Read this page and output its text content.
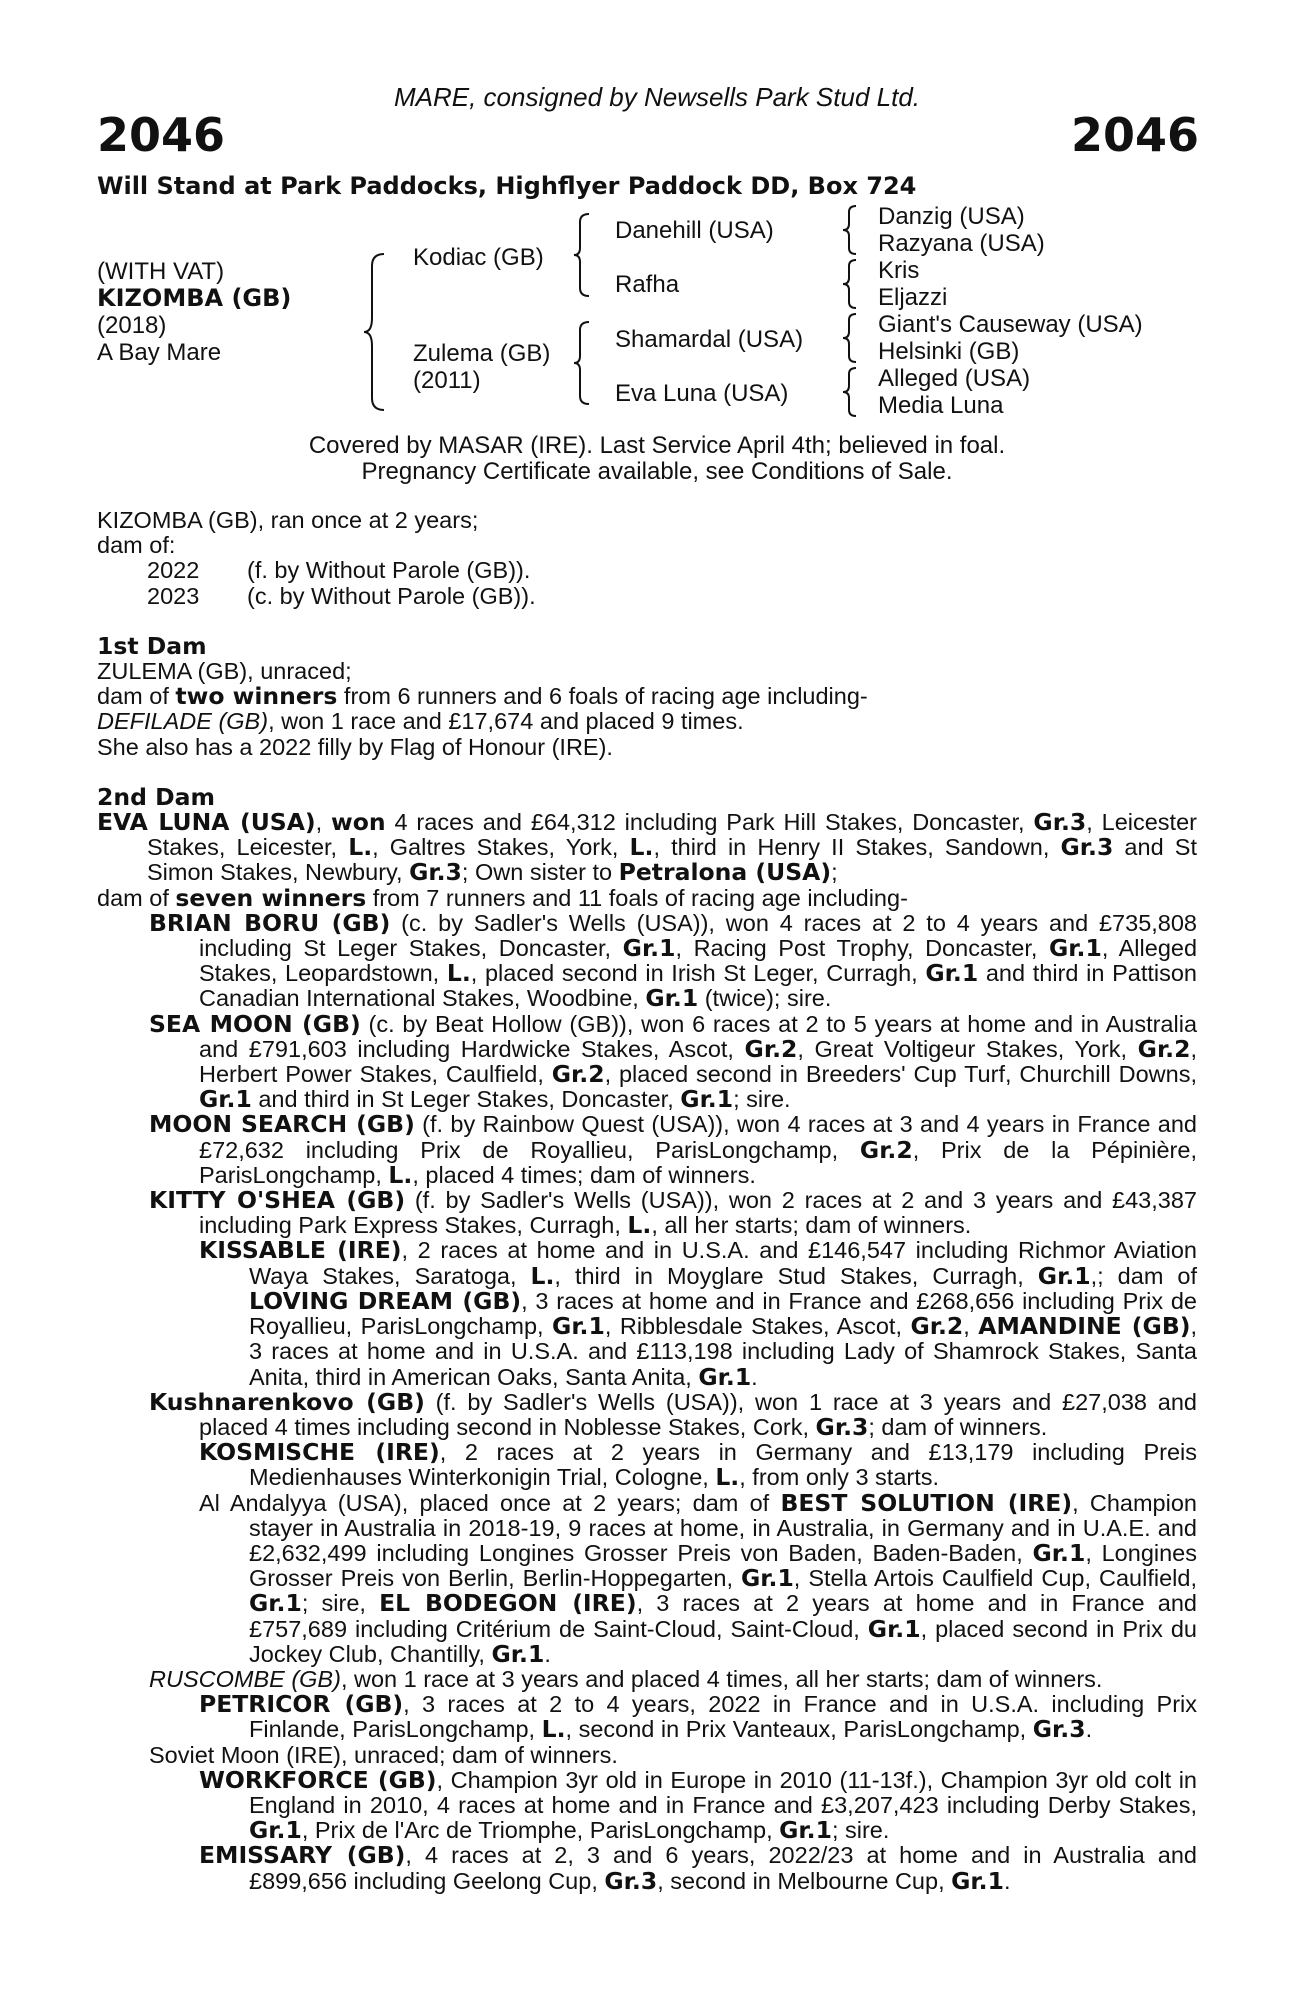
MARE, consigned by Newsells Park Stud Ltd.
2046	2046
Will Stand at Park Paddocks, Highflyer Paddock DD, Box 724
(WITH VAT)
KIZOMBA (GB)
(2018)
A Bay Mare
Kodiac (GB)
Zulema (GB)
(2011)
Danehill (USA)
Rafha
Shamardal (USA)
Eva Luna (USA)
Danzig (USA)
Razyana (USA)
Kris
Eljazzi
Giant's Causeway (USA)
Helsinki (GB)
Alleged (USA)
Media Luna
Covered by MASAR (IRE). Last Service April 4th; believed in foal.
Pregnancy Certificate available, see Conditions of Sale.

KIZOMBA (GB), ran once at 2 years;

dam of:

2022 (f. by Without Parole (GB)).

2023 (c. by Without Parole (GB)).

1st Dam

ZULEMA (GB), unraced;

dam of two winners from 6 runners and 6 foals of racing age including-

DEFILADE (GB), won 1 race and £17,674 and placed 9 times.

She also has a 2022 filly by Flag of Honour (IRE).

2nd Dam

EVA LUNA (USA), won 4 races and £64,312 including Park Hill Stakes, Doncaster, Gr.3, Leicester Stakes, Leicester, L., Galtres Stakes, York, L., third in Henry II Stakes, Sandown, Gr.3 and St Simon Stakes, Newbury, Gr.3; Own sister to Petralona (USA);

dam of seven winners from 7 runners and 11 foals of racing age including-

BRIAN BORU (GB) (c. by Sadler's Wells (USA)), won 4 races at 2 to 4 years and £735,808 including St Leger Stakes, Doncaster, Gr.1, Racing Post Trophy, Doncaster, Gr.1, Alleged Stakes, Leopardstown, L., placed second in Irish St Leger, Curragh, Gr.1 and third in Pattison Canadian International Stakes, Woodbine, Gr.1 (twice); sire.

SEA MOON (GB) (c. by Beat Hollow (GB)), won 6 races at 2 to 5 years at home and in Australia and £791,603 including Hardwicke Stakes, Ascot, Gr.2, Great Voltigeur Stakes, York, Gr.2, Herbert Power Stakes, Caulfield, Gr.2, placed second in Breeders' Cup Turf, Churchill Downs, Gr.1 and third in St Leger Stakes, Doncaster, Gr.1; sire.

MOON SEARCH (GB) (f. by Rainbow Quest (USA)), won 4 races at 3 and 4 years in France and £72,632 including Prix de Royallieu, ParisLongchamp, Gr.2, Prix de la Pépinière, ParisLongchamp, L., placed 4 times; dam of winners.

KITTY O'SHEA (GB) (f. by Sadler's Wells (USA)), won 2 races at 2 and 3 years and £43,387 including Park Express Stakes, Curragh, L., all her starts; dam of winners.

KISSABLE (IRE), 2 races at home and in U.S.A. and £146,547 including Richmor Aviation Waya Stakes, Saratoga, L., third in Moyglare Stud Stakes, Curragh, Gr.1,; dam of LOVING DREAM (GB), 3 races at home and in France and £268,656 including Prix de Royallieu, ParisLongchamp, Gr.1, Ribblesdale Stakes, Ascot, Gr.2, AMANDINE (GB), 3 races at home and in U.S.A. and £113,198 including Lady of Shamrock Stakes, Santa Anita, third in American Oaks, Santa Anita, Gr.1.

Kushnarenkovo (GB) (f. by Sadler's Wells (USA)), won 1 race at 3 years and £27,038 and placed 4 times including second in Noblesse Stakes, Cork, Gr.3; dam of winners.

KOSMISCHE (IRE), 2 races at 2 years in Germany and £13,179 including Preis Medienhauses Winterkonigin Trial, Cologne, L., from only 3 starts.

Al Andalyya (USA), placed once at 2 years; dam of BEST SOLUTION (IRE), Champion stayer in Australia in 2018-19, 9 races at home, in Australia, in Germany and in U.A.E. and £2,632,499 including Longines Grosser Preis von Baden, Baden-Baden, Gr.1, Longines Grosser Preis von Berlin, Berlin-Hoppegarten, Gr.1, Stella Artois Caulfield Cup, Caulfield, Gr.1; sire, EL BODEGON (IRE), 3 races at 2 years at home and in France and £757,689 including Critérium de Saint-Cloud, Saint-Cloud, Gr.1, placed second in Prix du Jockey Club, Chantilly, Gr.1.

RUSCOMBE (GB), won 1 race at 3 years and placed 4 times, all her starts; dam of winners.

PETRICOR (GB), 3 races at 2 to 4 years, 2022 in France and in U.S.A. including Prix Finlande, ParisLongchamp, L., second in Prix Vanteaux, ParisLongchamp, Gr.3.

Soviet Moon (IRE), unraced; dam of winners.

WORKFORCE (GB), Champion 3yr old in Europe in 2010 (11-13f.), Champion 3yr old colt in England in 2010, 4 races at home and in France and £3,207,423 including Derby Stakes, Gr.1, Prix de l'Arc de Triomphe, ParisLongchamp, Gr.1; sire.

EMISSARY (GB), 4 races at 2, 3 and 6 years, 2022/23 at home and in Australia and £899,656 including Geelong Cup, Gr.3, second in Melbourne Cup, Gr.1.
